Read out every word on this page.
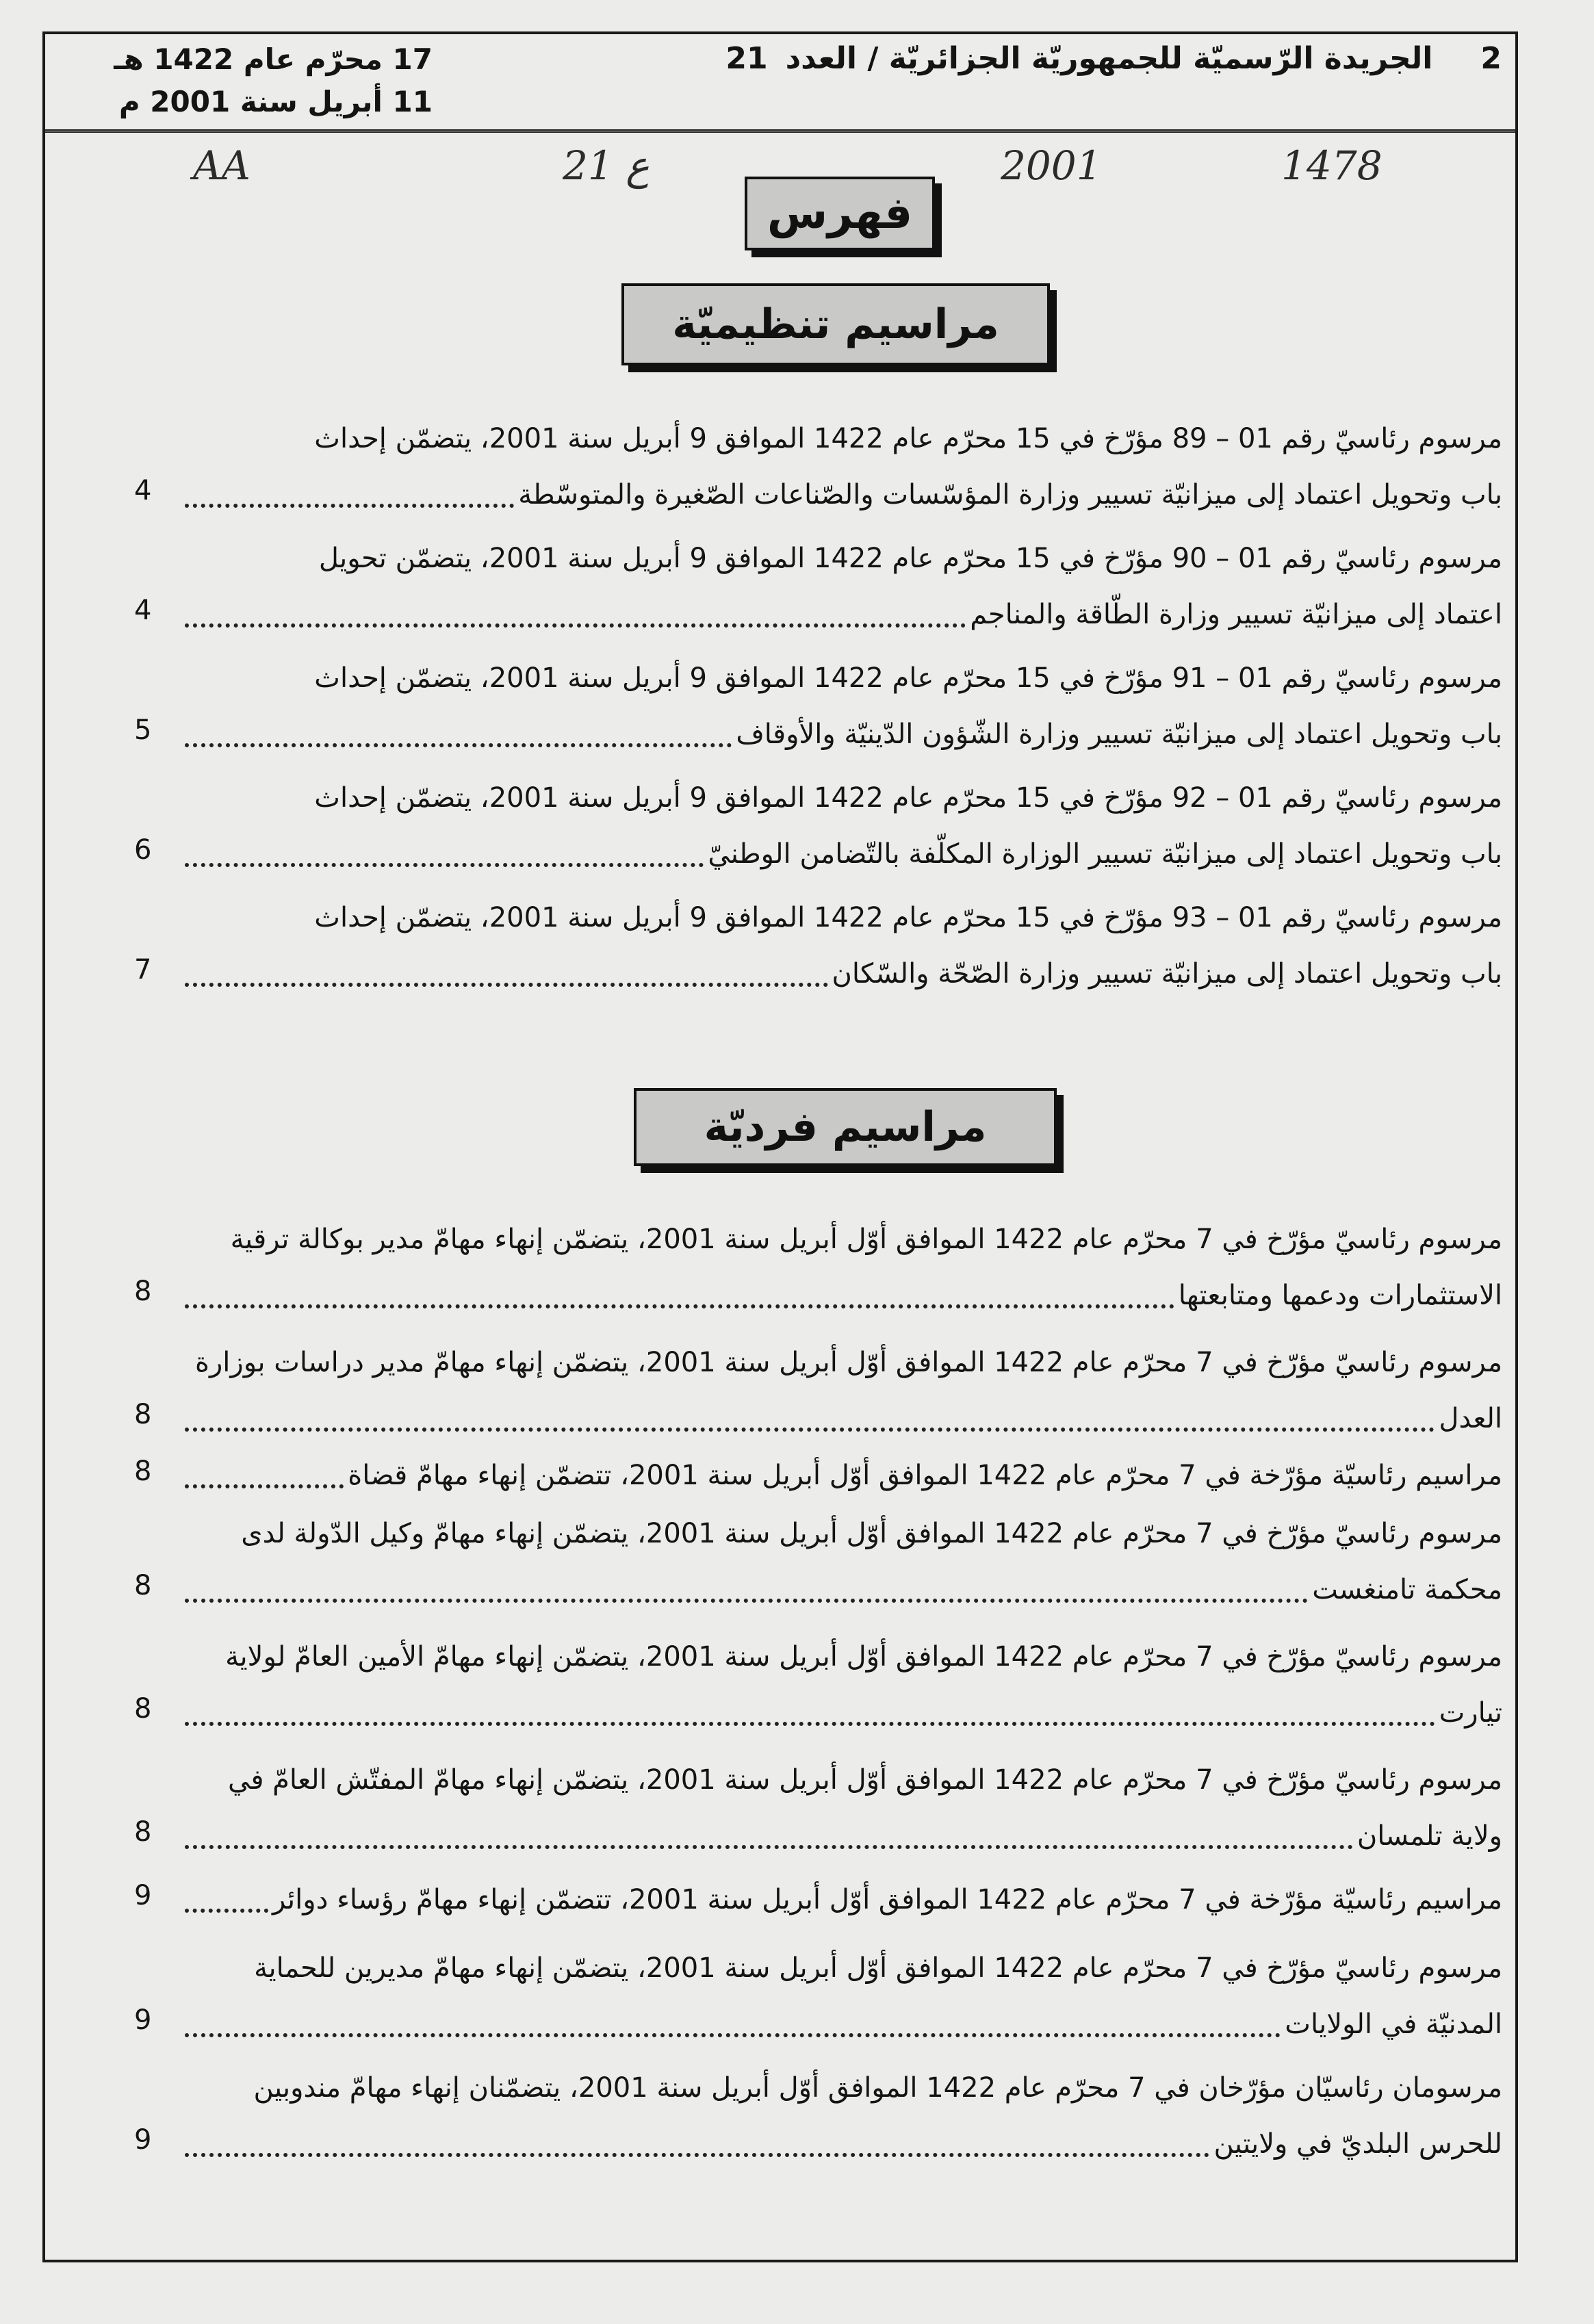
17 محرّم عام 1422 هـ
11 أبريل سنة 2001 م
2الجريدة الرّسميّة للجمهوريّة الجزائريّة / العدد21
AA	21 ع	2001	1478
فهرس
مراسيم تنظيميّة
مراسيم فرديّة
مرسوم رئاسيّ رقم 01 – 89 مؤرّخ في 15 محرّم عام 1422 الموافق 9 أبريل سنة 2001، يتضمّن إحداث
باب وتحويل اعتماد إلى ميزانيّة تسيير وزارة المؤسّسات والصّناعات الصّغيرة والمتوسّطة
4
مرسوم رئاسيّ رقم 01 – 90 مؤرّخ في 15 محرّم عام 1422 الموافق 9 أبريل سنة 2001، يتضمّن تحويل
اعتماد إلى ميزانيّة تسيير وزارة الطّاقة والمناجم
4
مرسوم رئاسيّ رقم 01 – 91 مؤرّخ في 15 محرّم عام 1422 الموافق 9 أبريل سنة 2001، يتضمّن إحداث
باب وتحويل اعتماد إلى ميزانيّة تسيير وزارة الشّؤون الدّينيّة والأوقاف
5
مرسوم رئاسيّ رقم 01 – 92 مؤرّخ في 15 محرّم عام 1422 الموافق 9 أبريل سنة 2001، يتضمّن إحداث
باب وتحويل اعتماد إلى ميزانيّة تسيير الوزارة المكلّفة بالتّضامن الوطنيّ
6
مرسوم رئاسيّ رقم 01 – 93 مؤرّخ في 15 محرّم عام 1422 الموافق 9 أبريل سنة 2001، يتضمّن إحداث
باب وتحويل اعتماد إلى ميزانيّة تسيير وزارة الصّحّة والسّكان
7
مرسوم رئاسيّ مؤرّخ في 7 محرّم عام 1422 الموافق أوّل أبريل سنة 2001، يتضمّن إنهاء مهامّ مدير بوكالة ترقية
الاستثمارات ودعمها ومتابعتها
8
مرسوم رئاسيّ مؤرّخ في 7 محرّم عام 1422 الموافق أوّل أبريل سنة 2001، يتضمّن إنهاء مهامّ مدير دراسات بوزارة
العدل
8
مراسيم رئاسيّة مؤرّخة في 7 محرّم عام 1422 الموافق أوّل أبريل سنة 2001، تتضمّن إنهاء مهامّ قضاة
8
مرسوم رئاسيّ مؤرّخ في 7 محرّم عام 1422 الموافق أوّل أبريل سنة 2001، يتضمّن إنهاء مهامّ وكيل الدّولة لدى
محكمة تامنغست
8
مرسوم رئاسيّ مؤرّخ في 7 محرّم عام 1422 الموافق أوّل أبريل سنة 2001، يتضمّن إنهاء مهامّ الأمين العامّ لولاية
تيارت
8
مرسوم رئاسيّ مؤرّخ في 7 محرّم عام 1422 الموافق أوّل أبريل سنة 2001، يتضمّن إنهاء مهامّ المفتّش العامّ في
ولاية تلمسان
8
مراسيم رئاسيّة مؤرّخة في 7 محرّم عام 1422 الموافق أوّل أبريل سنة 2001، تتضمّن إنهاء مهامّ رؤساء دوائر
9
مرسوم رئاسيّ مؤرّخ في 7 محرّم عام 1422 الموافق أوّل أبريل سنة 2001، يتضمّن إنهاء مهامّ مديرين للحماية
المدنيّة في الولايات
9
مرسومان رئاسيّان مؤرّخان في 7 محرّم عام 1422 الموافق أوّل أبريل سنة 2001، يتضمّنان إنهاء مهامّ مندوبين
للحرس البلديّ في ولايتين
9
